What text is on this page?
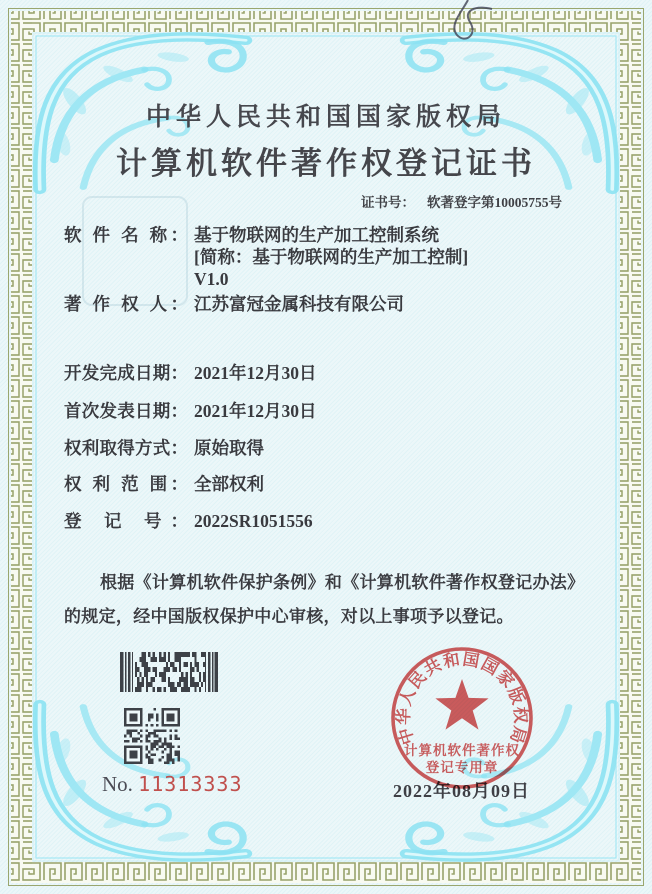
中华人民共和国国家版权局
计算机软件著作权登记证书
证书号： 软著登字第10005755号
软 件 名 称： 基于物联网的生产加工控制系统
[简称：基于物联网的生产加工控制]
V1.0
著 作 权 人： 江苏富冠金属科技有限公司
开发完成日期： 2021年12月30日
首次发表日期： 2021年12月30日
权利取得方式： 原始取得
权 利 范 围： 全部权利
登 记 号： 2022SR1051556
根据《计算机软件保护条例》和《计算机软件著作权登记办法》的规定，经中国版权保护中心审核，对以上事项予以登记。
No. 11313333	2022年08月09日
中华人民共和国国家版权局
计算机软件著作权
登记专用章
